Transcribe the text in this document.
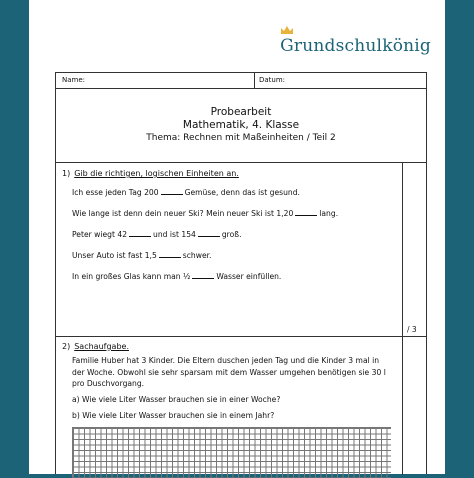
Grundschulkönig
Name:	Datum:
Probearbeit
Mathematik, 4. Klasse
Thema: Rechnen mit Maßeinheiten / Teil 2
1) Gib die richtigen, logischen Einheiten an.
Ich esse jeden Tag 200	Gemüse, denn das ist gesund.
Wie lange ist denn dein neuer Ski? Mein neuer Ski ist 1,20	lang.
Peter wiegt 42	und ist 154	groß.
Unser Auto ist fast 1,5	schwer.
In ein großes Glas kann man ½	Wasser einfüllen.
/ 3
2) Sachaufgabe.
Familie Huber hat 3 Kinder. Die Eltern duschen jeden Tag und die Kinder 3 mal in der Woche. Obwohl sie sehr sparsam mit dem Wasser umgehen benötigen sie 30 l pro Duschvorgang.
a) Wie viele Liter Wasser brauchen sie in einer Woche?
b) Wie viele Liter Wasser brauchen sie in einem Jahr?
